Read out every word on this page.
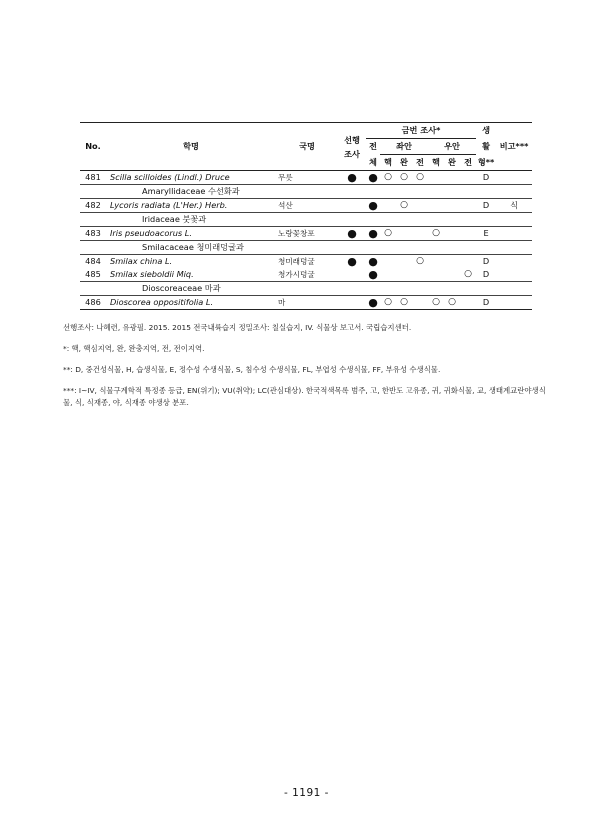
No.	학명	국명	선행
조사	금번 조사*							생	비고***
				전	좌안			우안			활	
				체	핵	완	전	핵	완	전	형**	
481	Scilla scilloides (Lindl.) Druce	무릇	●	●	○	○	○				D	
Amaryllidaceae 수선화과												
482	Lycoris radiata (L'Her.) Herb.	석산		●		○					D	식
Iridaceae 붓꽃과												
483	Iris pseudoacorus L.	노랑꽃창포	●	●	○			○			E	
Smilacaceae 청미래덩굴과												
484	Smilax china L.	청미래덩굴	●	●			○				D	
485	Smilax sieboldii Miq.	청가시덩굴		●						○	D	
Dioscoreaceae 마과												
486	Dioscorea oppositifolia L.	마		●	○	○		○	○		D	

선행조사: 나혜련, 유광필. 2015. 2015 전국내륙습지 정밀조사: 칠실습지, IV. 식물상 보고서. 국립습지센터.

*: 핵, 핵심지역, 완, 완충지역, 전, 전이지역.

**: D, 중건성식물, H, 습생식물, E, 정수성 수생식물, S, 침수성 수생식물, FL, 부엽성 수생식물, FF, 부유성 수생식물.

***: I~IV, 식물구계학적 특정종 등급, EN(위기); VU(취약); LC(관심대상). 한국적색목록 범주, 고, 한반도 고유종, 귀, 귀화식물, 교, 생태계교란야생식물, 식, 식재종, 야, 식재종 야생상 분포.

- 1191 -
